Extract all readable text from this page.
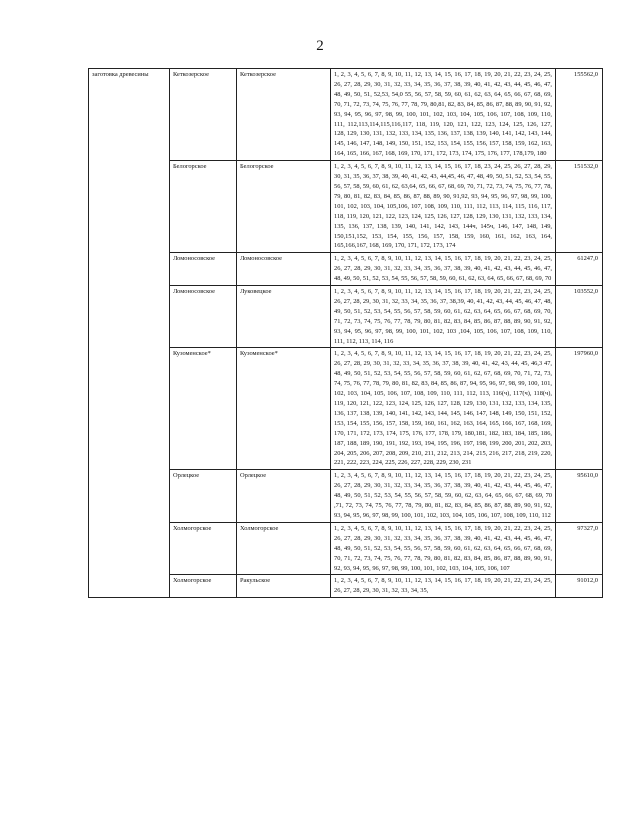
2
заготовка древесины	Кеткозерское	Кеткозерское	1, 2, 3, 4, 5, 6, 7, 8, 9, 10, 11, 12, 13, 14, 15, 16, 17, 18, 19, 20, 21, 22, 23, 24, 25, 26, 27, 28, 29, 30, 31, 32, 33, 34, 35, 36, 37, 38, 39, 40, 41, 42, 43, 44, 45, 46, 47, 48, 49, 50, 51, 52,53, 54,0 55, 56, 57, 58, 59, 60, 61, 62, 63, 64, 65, 66, 67, 68, 69, 70, 71, 72, 73, 74, 75, 76, 77, 78, 79, 80,81, 82, 83, 84, 85, 86, 87, 88, 89, 90, 91, 92, 93, 94, 95, 96, 97, 98, 99, 100, 101, 102, 103, 104, 105, 106, 107, 108, 109, 110, 111, 112,113,114,115,116,117, 118, 119, 120, 121, 122, 123, 124, 125, 126, 127, 128, 129, 130, 131, 132, 133, 134, 135, 136, 137, 138, 139, 140, 141, 142, 143, 144, 145, 146, 147, 148, 149, 150, 151, 152, 153, 154, 155, 156, 157, 158, 159, 162, 163, 164, 165, 166, 167, 168, 169, 170, 171, 172, 173, 174, 175, 176, 177, 178,179, 180	155562,0

	Белогорское	Белогорское	1, 2, 3, 4, 5, 6, 7, 8, 9, 10, 11, 12, 13, 14, 15, 16, 17, 18, 23, 24, 25, 26, 27, 28, 29, 30, 31, 35, 36, 37, 38, 39, 40, 41, 42, 43, 44,45, 46, 47, 48, 49, 50, 51, 52, 53, 54, 55, 56, 57, 58, 59, 60, 61, 62, 63,64, 65, 66, 67, 68, 69, 70, 71, 72, 73, 74, 75, 76, 77, 78, 79, 80, 81, 82, 83, 84, 85, 86, 87, 88, 89, 90, 91,92, 93, 94, 95, 96, 97, 98, 99, 100, 101, 102, 103, 104, 105,106, 107, 108, 109, 110, 111, 112, 113, 114, 115, 116, 117, 118, 119, 120, 121, 122, 123, 124, 125, 126, 127, 128, 129, 130, 131, 132, 133, 134, 135, 136, 137, 138, 139, 140, 141, 142, 143, 144ч, 145ч, 146, 147, 148, 149, 150,151,152, 153, 154, 155, 156, 157, 158, 159, 160, 161, 162, 163, 164, 165,166,167, 168, 169, 170, 171, 172, 173, 174	151532,0

	Ломоносовское	Ломоносовское	1, 2, 3, 4, 5, 6, 7, 8, 9, 10, 11, 12, 13, 14, 15, 16, 17, 18, 19, 20, 21, 22, 23, 24, 25, 26, 27, 28, 29, 30, 31, 32, 33, 34, 35, 36, 37, 38, 39, 40, 41, 42, 43, 44, 45, 46, 47, 48, 49, 50, 51, 52, 53, 54, 55, 56, 57, 58, 59, 60, 61, 62, 63, 64, 65, 66, 67, 68, 69, 70	61247,0

	Ломоносовское	Луковецкое	1, 2, 3, 4, 5, 6, 7, 8, 9, 10, 11, 12, 13, 14, 15, 16, 17, 18, 19, 20, 21, 22, 23, 24, 25, 26, 27, 28, 29, 30, 31, 32, 33, 34, 35, 36, 37, 38,39, 40, 41, 42, 43, 44, 45, 46, 47, 48, 49, 50, 51, 52, 53, 54, 55, 56, 57, 58, 59, 60, 61, 62, 63, 64, 65, 66, 67, 68, 69, 70, 71, 72, 73, 74, 75, 76, 77, 78, 79, 80, 81, 82, 83, 84, 85, 86, 87, 88, 89, 90, 91, 92, 93, 94, 95, 96, 97, 98, 99, 100, 101, 102, 103 ,104, 105, 106, 107, 108, 109, 110, 111, 112, 113, 114, 116	103552,0

	Кузоменское*	Кузоменское*	1, 2, 3, 4, 5, 6, 7, 8, 9, 10, 11, 12, 13, 14, 15, 16, 17, 18, 19, 20, 21, 22, 23, 24, 25, 26, 27, 28, 29, 30, 31, 32, 33, 34, 35, 36, 37, 38, 39, 40, 41, 42, 43, 44, 45, 46,3 47, 48, 49, 50, 51, 52, 53, 54, 55, 56, 57, 58, 59, 60, 61, 62, 67, 68, 69, 70, 71, 72, 73, 74, 75, 76, 77, 78, 79, 80, 81, 82, 83, 84, 85, 86, 87, 94, 95, 96, 97, 98, 99, 100, 101, 102, 103, 104, 105, 106, 107, 108, 109, 110, 111, 112, 113, 116(ч), 117(ч), 118(ч), 119, 120, 121, 122, 123, 124, 125, 126, 127, 128, 129, 130, 131, 132, 133, 134, 135, 136, 137, 138, 139, 140, 141, 142, 143, 144, 145, 146, 147, 148, 149, 150, 151, 152, 153, 154, 155, 156, 157, 158, 159, 160, 161, 162, 163, 164, 165, 166, 167, 168, 169, 170, 171, 172, 173, 174, 175, 176, 177, 178, 179, 180,181, 182, 183, 184, 185, 186, 187, 188, 189, 190, 191, 192, 193, 194, 195, 196, 197, 198, 199, 200, 201, 202, 203, 204, 205, 206, 207, 208, 209, 210, 211, 212, 213, 214, 215, 216, 217, 218, 219, 220, 221, 222, 223, 224, 225, 226, 227, 228, 229, 230, 231	197960,0

	Орлецкое	Орлецкое	1, 2, 3, 4, 5, 6, 7, 8, 9, 10, 11, 12, 13, 14, 15, 16, 17, 18, 19, 20, 21, 22, 23, 24, 25, 26, 27, 28, 29, 30, 31, 32, 33, 34, 35, 36, 37, 38, 39, 40, 41, 42, 43, 44, 45, 46, 47, 48, 49, 50, 51, 52, 53, 54, 55, 56, 57, 58, 59, 60, 62, 63, 64, 65, 66, 67, 68, 69, 70 ,71, 72, 73, 74, 75, 76, 77, 78, 79, 80, 81, 82, 83, 84, 85, 86, 87, 88, 89, 90, 91, 92, 93, 94, 95, 96, 97, 98, 99, 100, 101, 102, 103, 104, 105, 106, 107, 108, 109, 110, 112	95610,0

	Холмогорское	Холмогорское	1, 2, 3, 4, 5, 6, 7, 8, 9, 10, 11, 12, 13, 14, 15, 16, 17, 18, 19, 20, 21, 22, 23, 24, 25, 26, 27, 28, 29, 30, 31, 32, 33, 34, 35, 36, 37, 38, 39, 40, 41, 42, 43, 44, 45, 46, 47, 48, 49, 50, 51, 52, 53, 54, 55, 56, 57, 58, 59, 60, 61, 62, 63, 64, 65, 66, 67, 68, 69, 70, 71, 72, 73, 74, 75, 76, 77, 78, 79, 80, 81, 82, 83, 84, 85, 86, 87, 88, 89, 90, 91, 92, 93, 94, 95, 96, 97, 98, 99, 100, 101, 102, 103, 104, 105, 106, 107	97327,0

	Холмогорское	Ракульское	1, 2, 3, 4, 5, 6, 7, 8, 9, 10, 11, 12, 13, 14, 15, 16, 17, 18, 19, 20, 21, 22, 23, 24, 25, 26, 27, 28, 29, 30, 31, 32, 33, 34, 35,	91012,0
